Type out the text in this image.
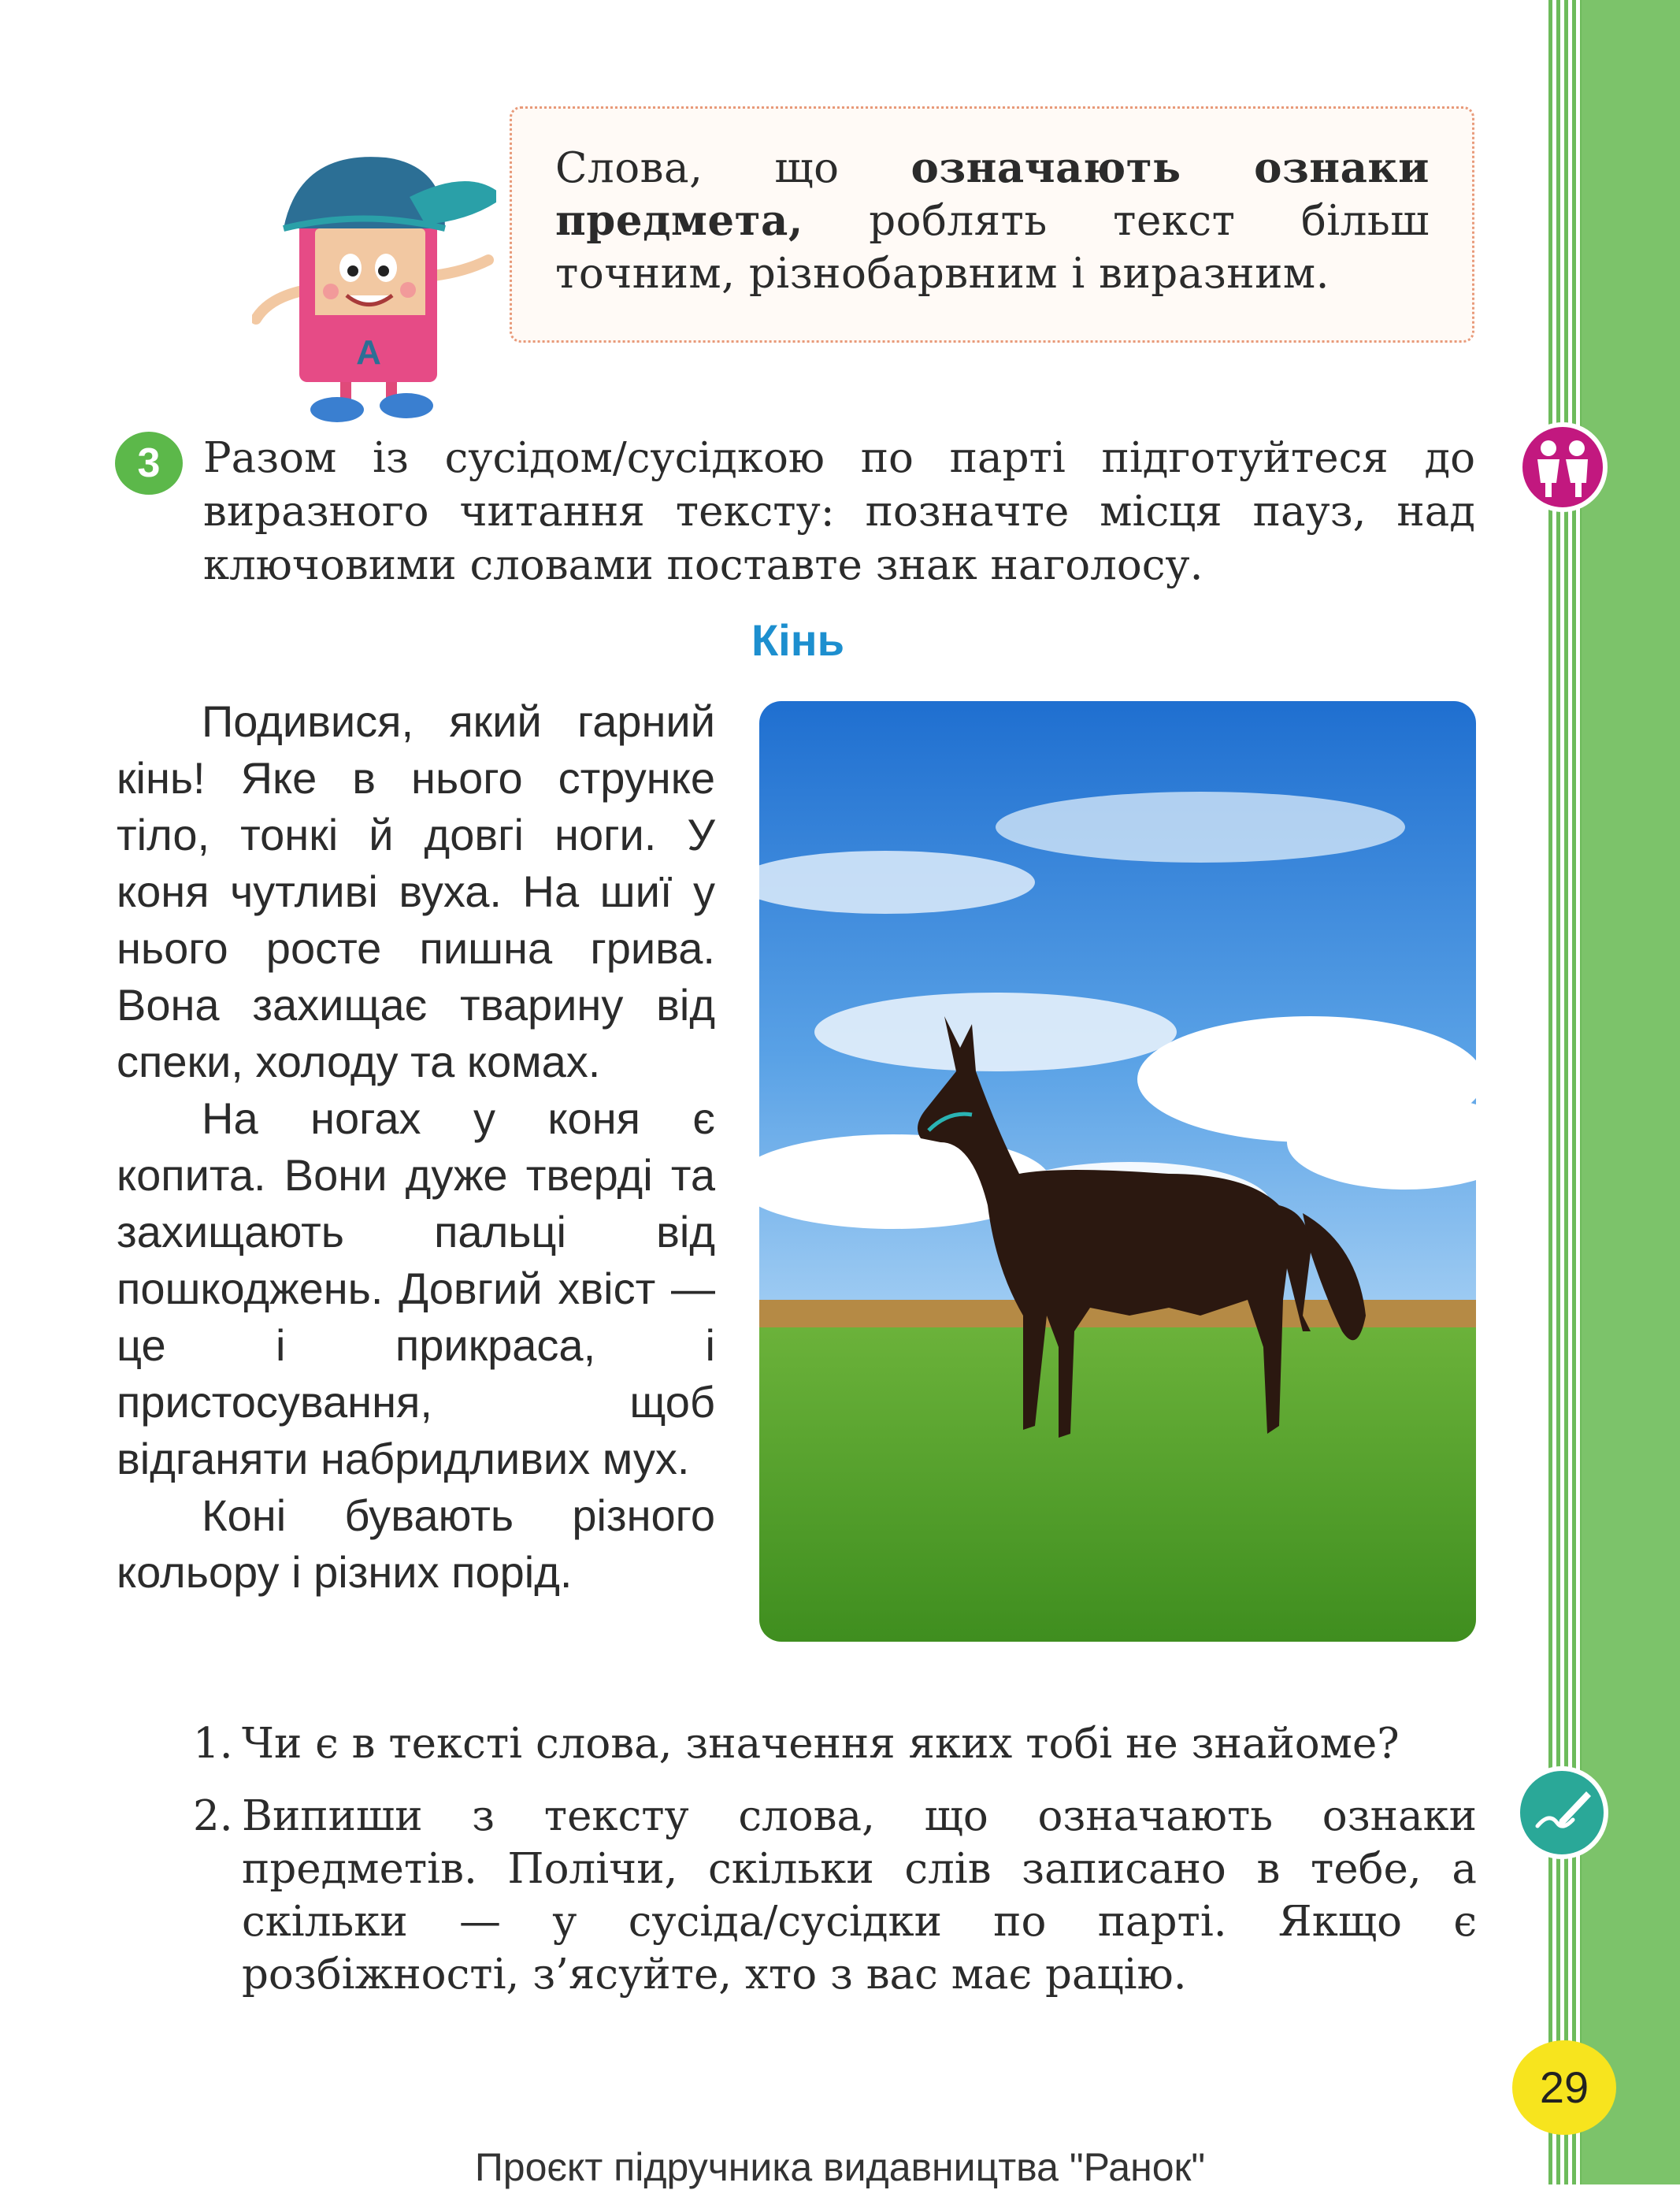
А
Слова, що означають ознаки предмета, роблять текст більш точним, різнобарвним і виразним.
3	Разом із сусідом/сусідкою по парті підготуйтеся до виразного читання тексту: позначте місця пауз, над ключовими словами поставте знак наголосу.
Кінь

Подивися, який гарний кінь! Яке в нього струнке тіло, тонкі й довгі ноги. У коня чутливі вуха. На шиї у нього росте пишна грива. Вона захищає тварину від спеки, холоду та комах.

На ногах у коня є копита. Вони дуже тверді та захищають пальці від пошкоджень. Довгий хвіст — це і прикраса, і пристосування, щоб відганяти набридливих мух.

Коні бувають різного кольору і різних порід.

1. Чи є в тексті слова, значення яких тобі не знайоме?
2. Випиши з тексту слова, що означають ознаки предметів. Полічи, скільки слів записано в тебе, а скільки — у сусіда/сусідки по парті. Якщо є розбіжності, з’ясуйте, хто з вас має рацію.
29
Проєкт підручника видавництва "Ранок"
